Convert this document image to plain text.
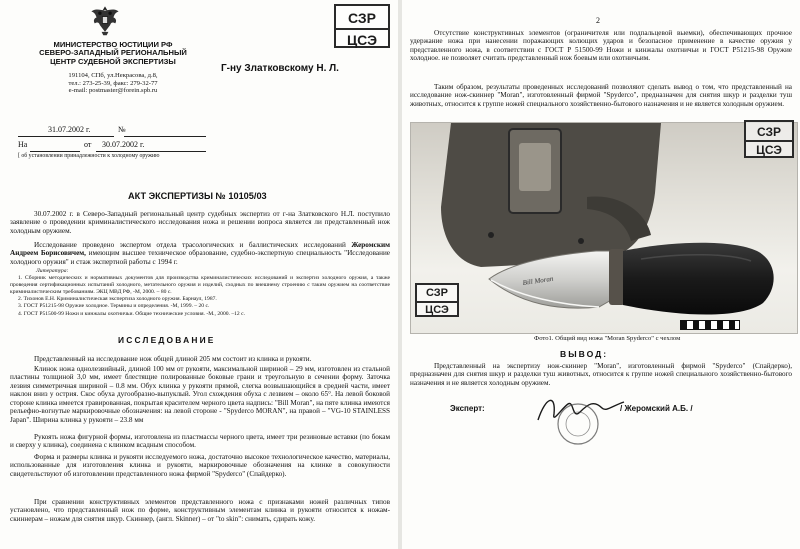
МИНИСТЕРСТВО ЮСТИЦИИ РФ
СЕВЕРО-ЗАПАДНЫЙ РЕГИОНАЛЬНЫЙ
ЦЕНТР СУДЕБНОЙ ЭКСПЕРТИЗЫ
191104, СПб, ул.Некрасова, д.8,
тел.: 273-25-39, факс: 279-32-77
e-mail: postmaster@forein.spb.ru
Г-ну Златковскому Н. Л.
31.07.2002 г.	№
На	от 30.07.2002 г.
[ об установлении принадлежности к холодному оружию
АКТ ЭКСПЕРТИЗЫ № 10105/03
30.07.2002 г. в Северо-Западный региональный центр судебных экспертиз от г-на Златковского Н.Л. поступило заявление о проведении криминалистического исследования ножа и решении вопроса является ли представленный нож холодным оружием.
Исследование проведено экспертом отдела трасологических и баллистических исследований Жеромским Андреем Борисовичем, имеющим высшее техническое образование, судебно-экспертную специальность "Исследование холодного оружия" и стаж экспертной работы с 1994 г.
Литература:
1. Сборник методических и нормативных документов для производства криминалистических исследований и экспертиз холодного оружия, а также проведения сертификационных испытаний холодного, метательного оружия и изделий, сходных по внешнему строению с таким оружием на соответствие криминалистическим требованиям. ЭКЦ МВД РФ, -М, 2000. – 80 с.
2. Тихонов Е.Н. Криминалистическая экспертиза холодного оружия. Барнаул, 1987.
3. ГОСТ Р51215-98 Оружие холодное. Термины и определения. -М, 1999. – 20 с.
4. ГОСТ Р51500-99 Ножи и кинжалы охотничьи. Общие технические условия. -М., 2000. –12 с.
ИССЛЕДОВАНИЕ
Представленный на исследование нож общей длиной 205 мм состоит из клинка и рукояти.
Клинок ножа однолезвийный, длиной 100 мм от рукояти, максимальной шириной – 29 мм, изготовлен из стальной пластины толщиной 3,0 мм, имеет блестящие полированные боковые грани и треугольную в сечении форму. Заточка лезвия симметричная шириной – 0.8 мм. Обух клинка у рукояти прямой, слегка возвышающийся в средней части, имеет наклон вниз у острия. Скос обуха дугообразно-выпуклый. Угол схождения обуха с лезвием – около 65°. На левой боковой стороне клинка имеется гравированная, покрытая красителем черного цвета надпись: "Bill Moran", на пяте клинка имеются рельефно-вогнутые маркировочные обозначения: на левой стороне - "Spyderco MORAN", на правой – "VG-10 STAINLESS Japan". Ширина клинка у рукояти – 23.8 мм
Рукоять ножа фигурной формы, изготовлена из пластмассы черного цвета, имеет три резиновые вставки (по бокам и сверху у клинка), соединена с клинком всадным способом.
Форма и размеры клинка и рукояти исследуемого ножа, достаточно высокое технологическое качество, материалы, использованные для изготовления клинка и рукояти, маркировочные обозначения на клинке в совокупности свидетельствуют об изготовлении представленного ножа фирмой "Spyderco" (Спайдерко).
При сравнении конструктивных элементов представленного ножа с признаками ножей различных типов установлено, что представленный нож по форме, конструктивным элементам клинка и рукояти относится к ножам-скиннерам – ножам для снятия шкур. Скиннер, (англ. Skinner) – от "to skin": снимать, сдирать кожу.
СЗР
ЦСЭ
2
Отсутствие конструктивных элементов (ограничителя или подпальцевой выемки), обеспечивающих прочное удержание ножа при нанесении поражающих колющих ударов и безопасное применение в качестве оружия у представленного ножа, в соответствии с ГОСТ Р 51500-99 Ножи и кинжалы охотничьи и ГОСТ Р51215-98 Оружие холодное. не позволяет считать представленный нож боевым или охотничьим.
Таким образом, результаты проведенных исследований позволяют сделать вывод о том, что представленный на исследование нож-скиннер "Moran", изготовленный фирмой "Spyderco", предназначен для снятия шкур и разделки туш животных, относится к группе ножей специального хозяйственно-бытового назначения и не является холодным оружием.
Bill Moran
СЗР
ЦСЭ
СЗР
ЦСЭ
Фото1. Общий вид ножа "Moran Spyderco" с чехлом
ВЫВОД:
Представленный на экспертизу нож-скиннер "Moran", изготовленный фирмой "Spyderco" (Спайдерко), предназначен для снятия шкур и разделки туш животных, относится к группе ножей специального хозяйственно-бытового назначения и не является холодным оружием.
Эксперт:	/ Жеромский А.Б. /
